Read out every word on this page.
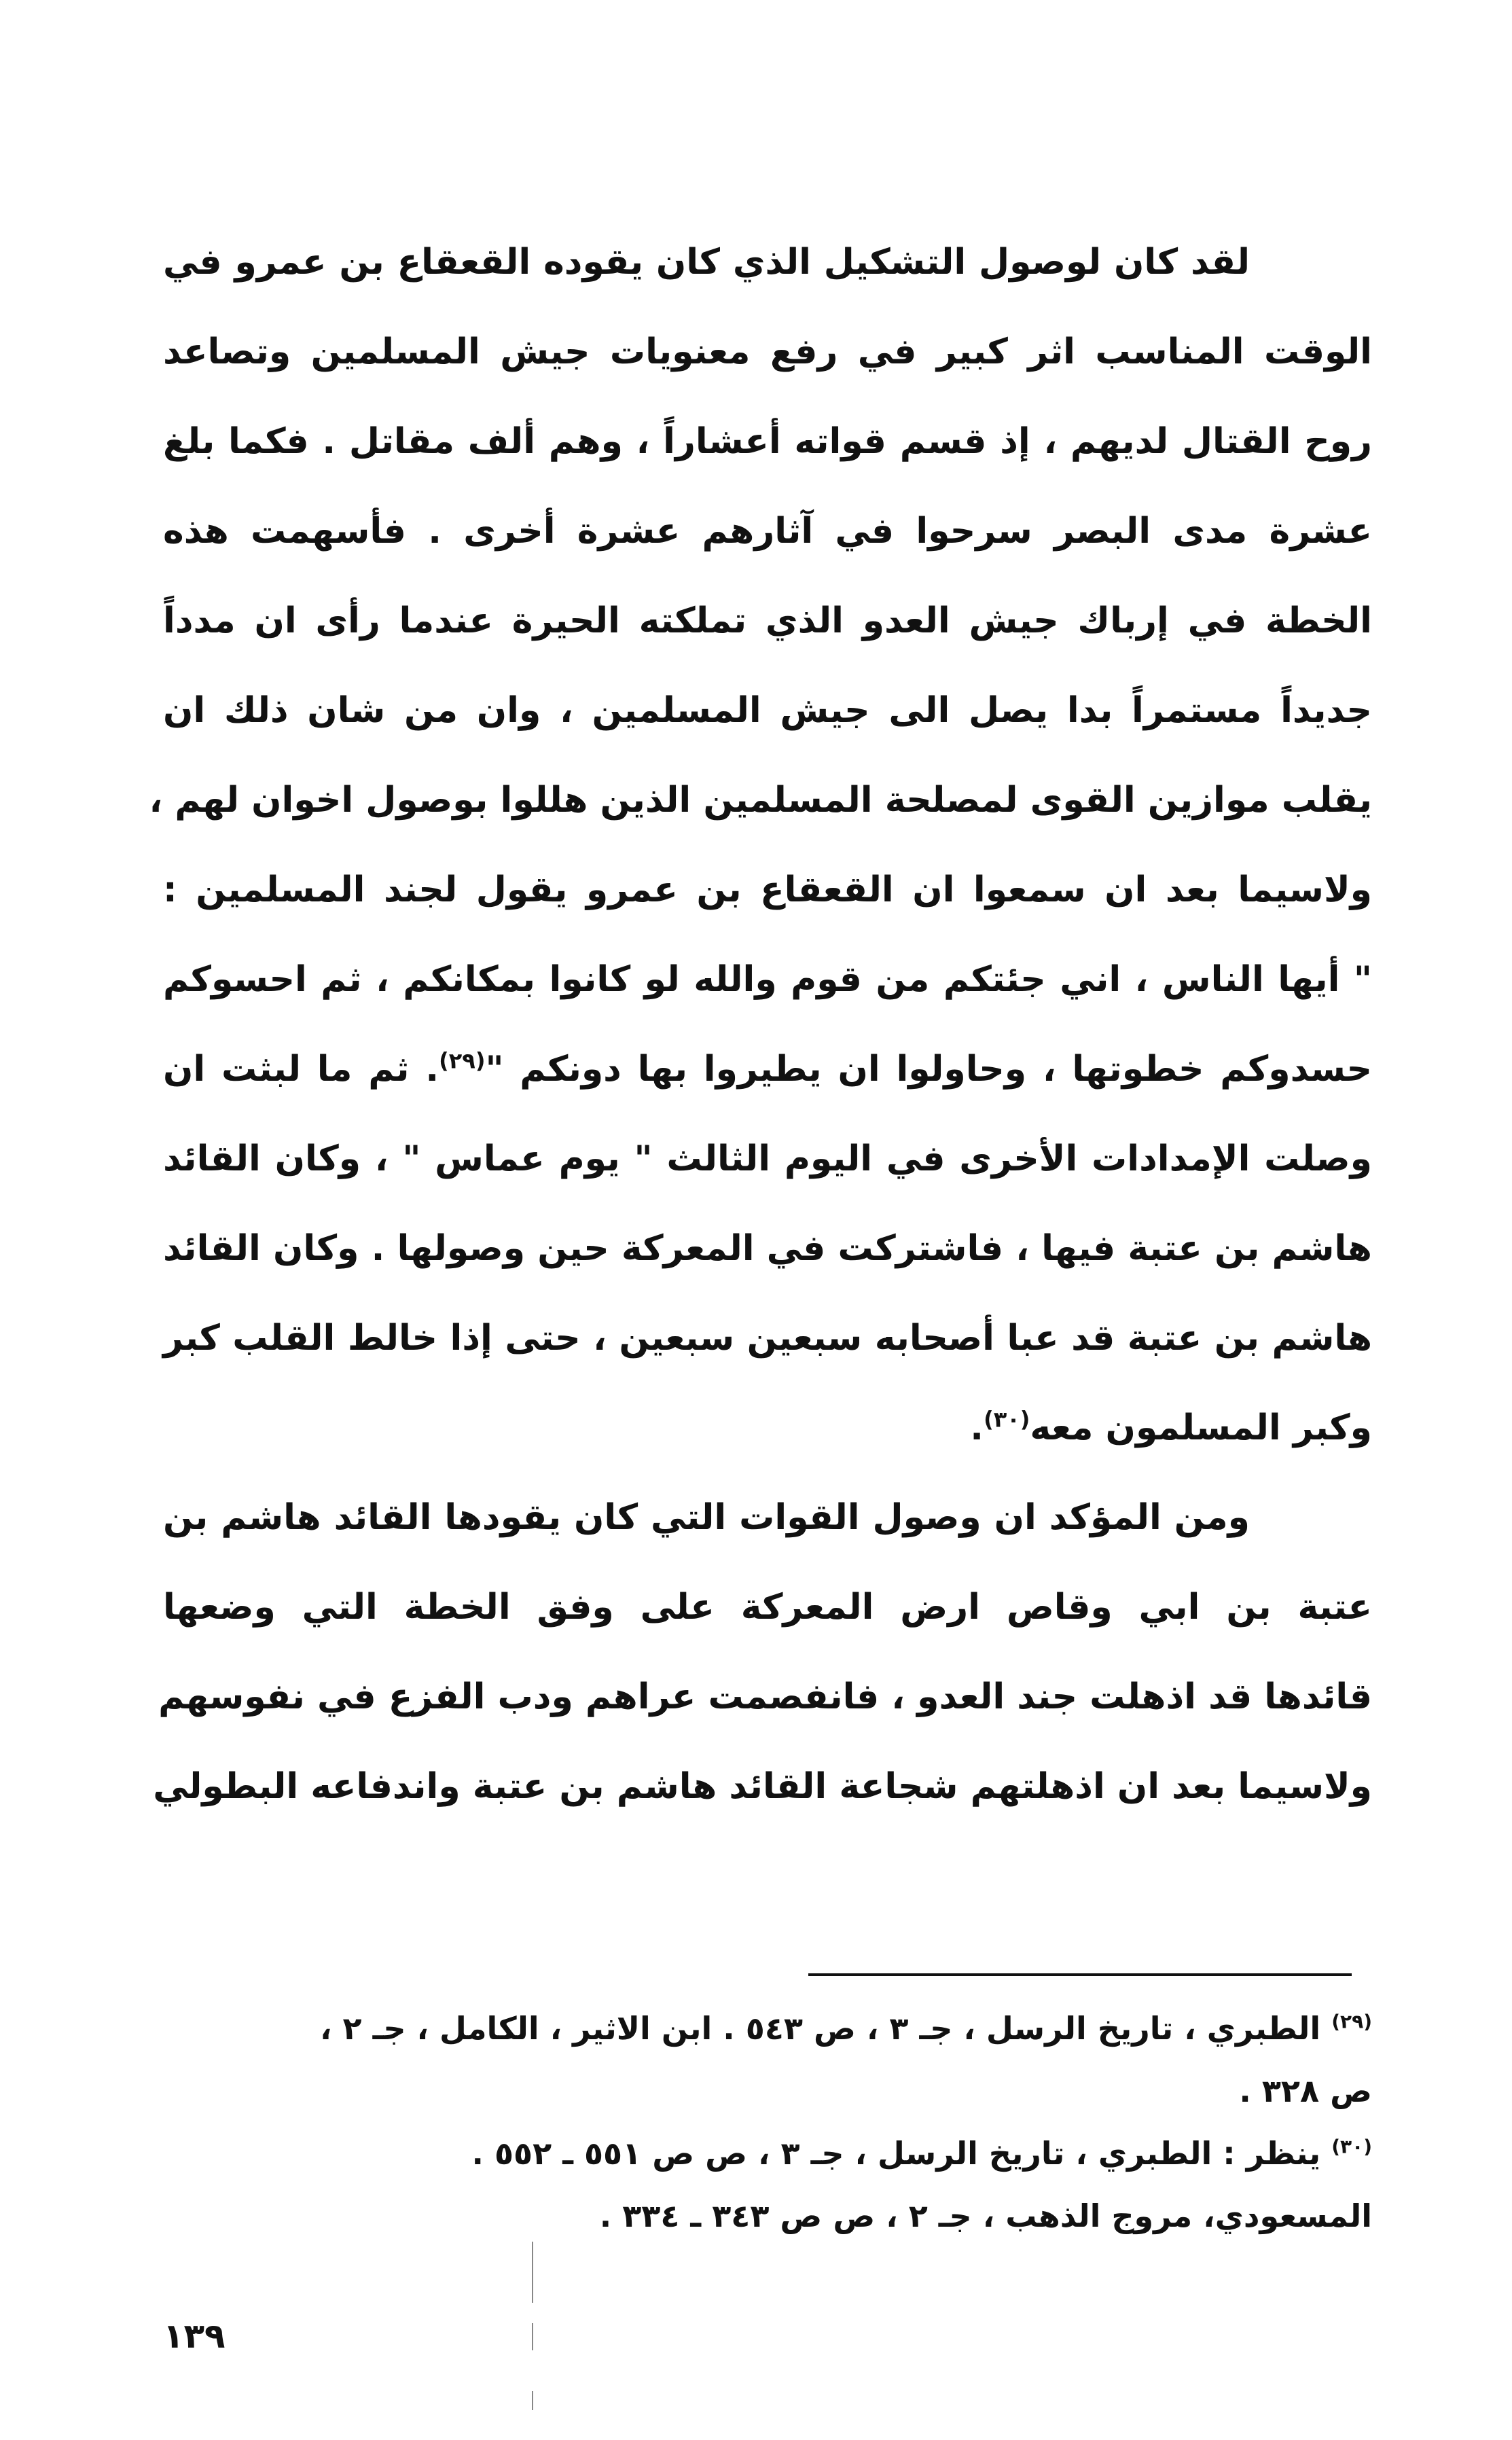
لقد كان لوصول التشكيل الذي كان يقوده القعقاع بن عمرو في
الوقت المناسب اثر كبير في رفع معنويات جيش المسلمين وتصاعد
روح القتال لديهم ، إذ قسم قواته أعشاراً ، وهم ألف مقاتل . فكما بلغ
عشرة مدى البصر سرحوا في آثارهم عشرة أخرى . فأسهمت هذه
الخطة في إرباك جيش العدو الذي تملكته الحيرة عندما رأى ان مدداً
جديداً مستمراً بدا يصل الى جيش المسلمين ، وان من شان ذلك ان
يقلب موازين القوى لمصلحة المسلمين الذين هللوا بوصول اخوان لهم ،
ولاسيما بعد ان سمعوا ان القعقاع بن عمرو يقول لجند المسلمين :
" أيها الناس ، اني جئتكم من قوم والله لو كانوا بمكانكم ، ثم احسوكم
حسدوكم خطوتها ، وحاولوا ان يطيروا بها دونكم "$^{(٢٩)}$. ثم ما لبثت ان
وصلت الإمدادات الأخرى في اليوم الثالث " يوم عماس " ، وكان القائد
هاشم بن عتبة فيها ، فاشتركت في المعركة حين وصولها . وكان القائد
هاشم بن عتبة قد عبا أصحابه سبعين سبعين ، حتى إذا خالط القلب كبر
وكبر المسلمون معه$^{(٣٠)}$.
ومن المؤكد ان وصول القوات التي كان يقودها القائد هاشم بن
عتبة بن ابي وقاص ارض المعركة على وفق الخطة التي وضعها
قائدها قد اذهلت جند العدو ، فانفصمت عراهم ودب الفزع في نفوسهم
ولاسيما بعد ان اذهلتهم شجاعة القائد هاشم بن عتبة واندفاعه البطولي
$^{(٢٩)}$ الطبري ، تاريخ الرسل ، جـ ٣ ، ص ٥٤٣ . ابن الاثير ، الكامل ، جـ ٢ ،
ص ٣٢٨ .
$^{(٣٠)}$ ينظر : الطبري ، تاريخ الرسل ، جـ ٣ ، ص ص ٥٥١ ـ ٥٥٢ .
المسعودي، مروج الذهب ، جـ ٢ ، ص ص ٣٤٣ ـ ٣٣٤ .
١٣٩
